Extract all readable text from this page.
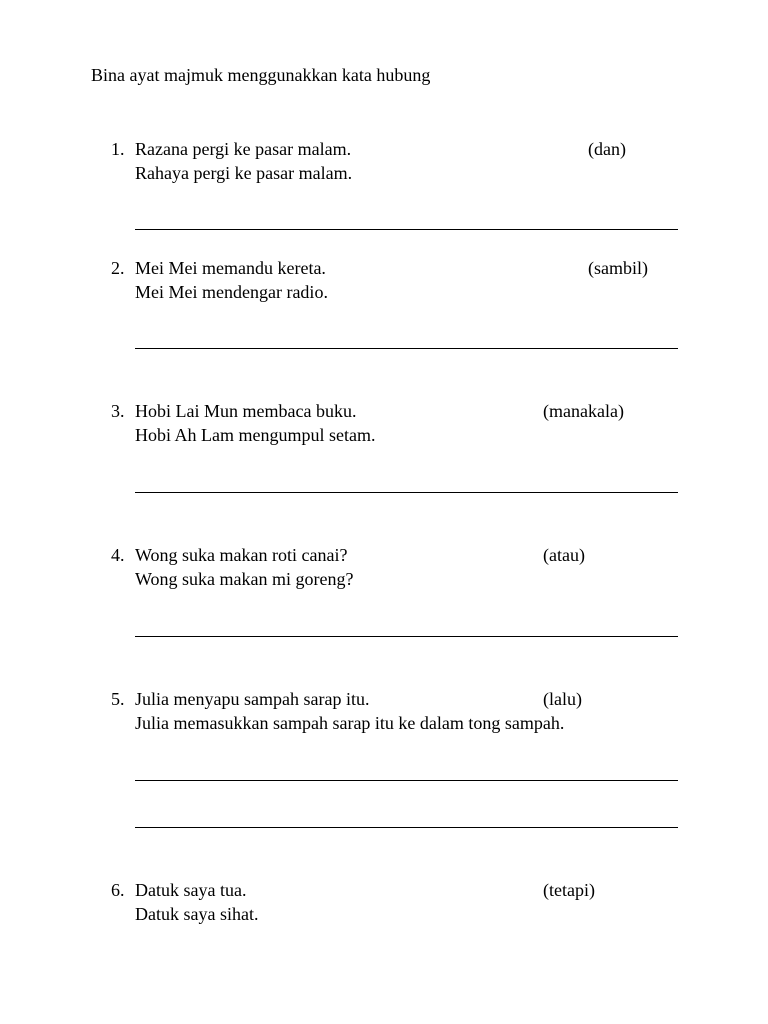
Bina ayat majmuk menggunakkan kata hubung
1. Razana pergi ke pasar malam.
Rahaya pergi ke pasar malam.
(dan)
2. Mei Mei memandu kereta.
Mei Mei mendengar radio.
(sambil)
3. Hobi Lai Mun membaca buku.
Hobi Ah Lam mengumpul setam.
(manakala)
4. Wong suka makan roti canai?
Wong suka makan mi goreng?
(atau)
5. Julia menyapu sampah sarap itu.
Julia memasukkan sampah sarap itu ke dalam tong sampah.
(lalu)
6. Datuk saya tua.
Datuk saya sihat.
(tetapi)
